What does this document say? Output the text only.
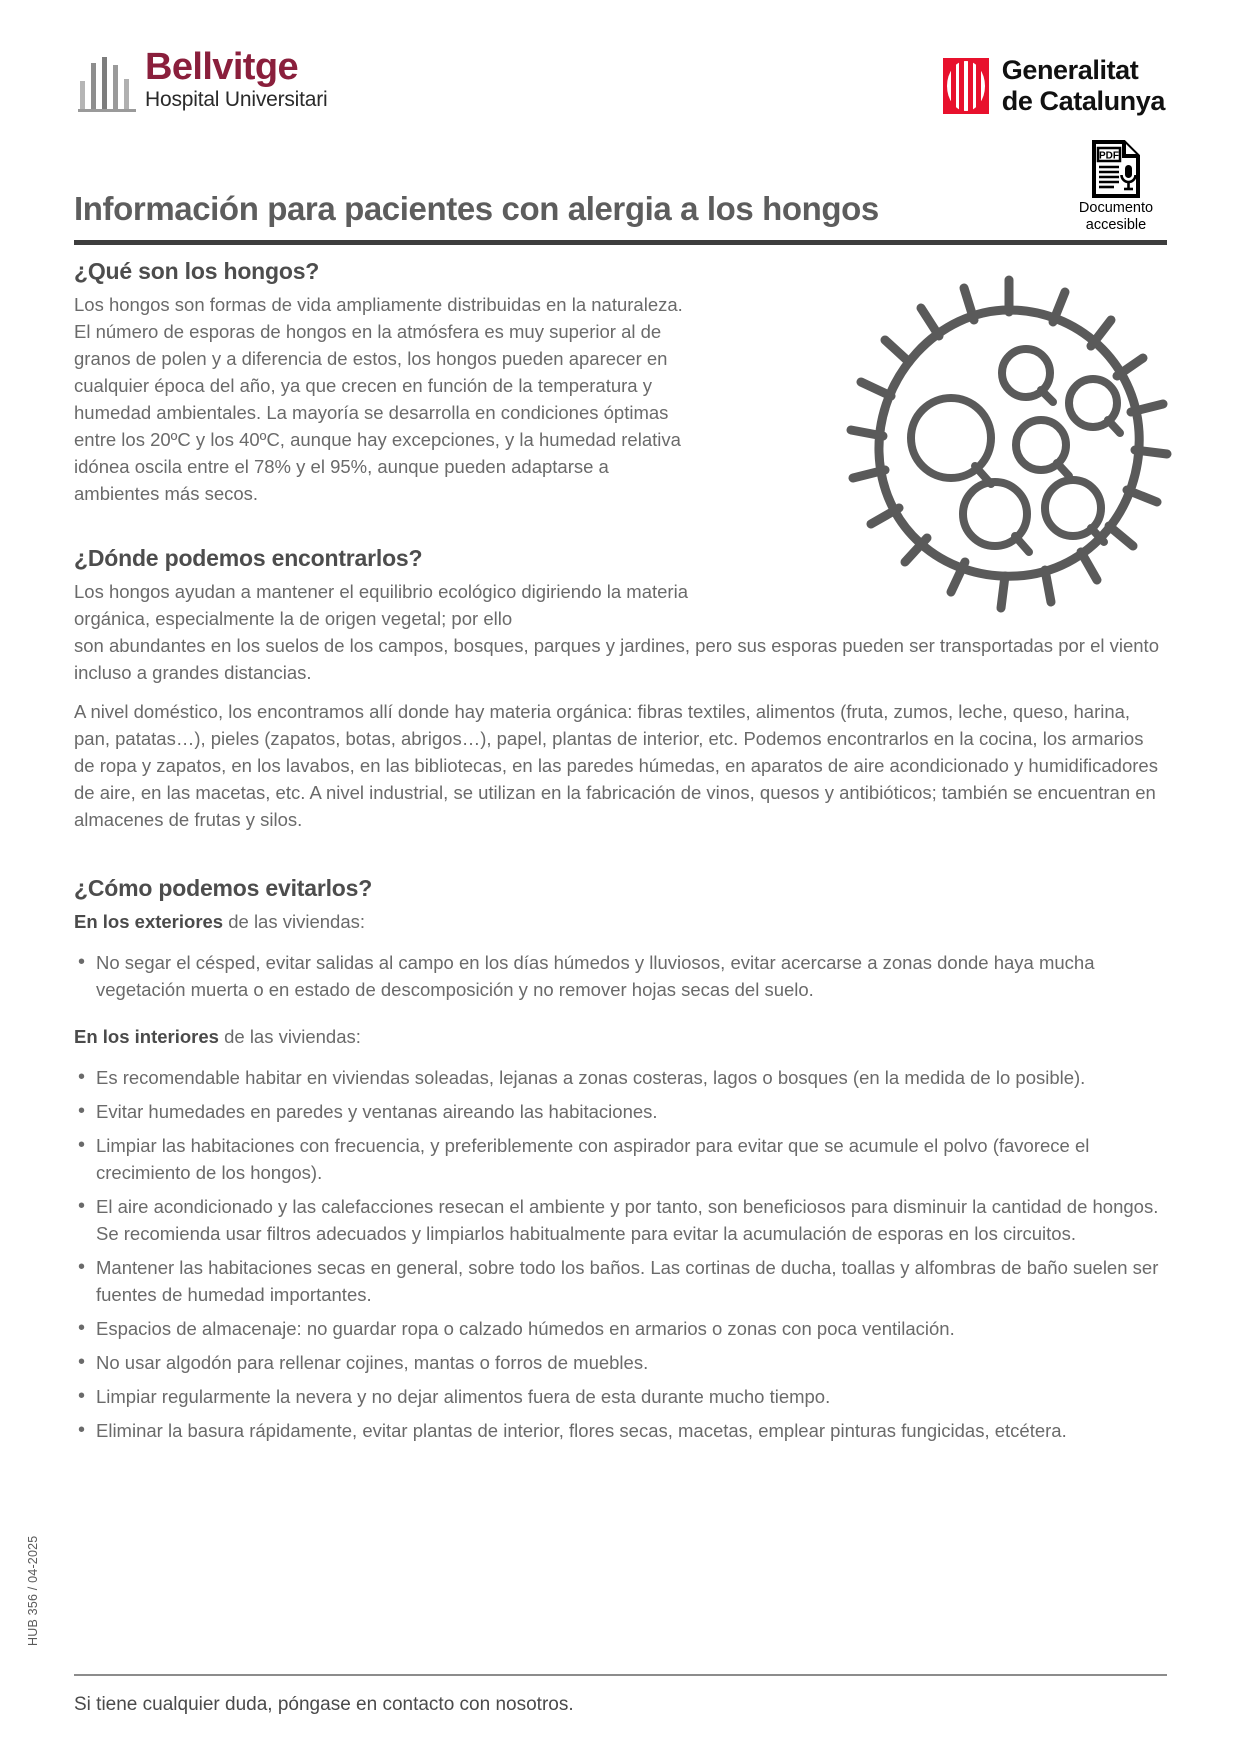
Bellvitge
Hospital Universitari
Generalitat
de Catalunya
PDF
Documento
accesible
Información para pacientes con alergia a los hongos
¿Qué son los hongos?

Los hongos son formas de vida ampliamente distribuidas en la naturaleza. El número de esporas de hongos en la atmósfera es muy superior al de granos de polen y a diferencia de estos, los hongos pueden aparecer en cualquier época del año, ya que crecen en función de la temperatura y humedad ambientales. La mayoría se desarrolla en condiciones óptimas entre los 20ºC y los 40ºC, aunque hay excepciones, y la humedad relativa idónea oscila entre el 78% y el 95%, aunque pueden adaptarse a ambientes más secos.

¿Dónde podemos encontrarlos?

Los hongos ayudan a mantener el equilibrio ecológico digiriendo la materia orgánica, especialmente la de origen vegetal; por ello

son abundantes en los suelos de los campos, bosques, parques y jardines, pero sus esporas pueden ser transportadas por el viento incluso a grandes distancias.

A nivel doméstico, los encontramos allí donde hay materia orgánica: fibras textiles, alimentos (fruta, zumos, leche, queso, harina, pan, patatas…), pieles (zapatos, botas, abrigos…), papel, plantas de interior, etc. Podemos encontrarlos en la cocina, los armarios de ropa y zapatos, en los lavabos, en las bibliotecas, en las paredes húmedas, en aparatos de aire acondicionado y humidificadores de aire, en las macetas, etc. A nivel industrial, se utilizan en la fabricación de vinos, quesos y antibióticos; también se encuentran en almacenes de frutas y silos.

¿Cómo podemos evitarlos?

En los exteriores de las viviendas:

• No segar el césped, evitar salidas al campo en los días húmedos y lluviosos, evitar acercarse a zonas donde haya mucha vegetación muerta o en estado de descomposición y no remover hojas secas del suelo.

En los interiores de las viviendas:

• Es recomendable habitar en viviendas soleadas, lejanas a zonas costeras, lagos o bosques (en la medida de lo posible).
• Evitar humedades en paredes y ventanas aireando las habitaciones.
• Limpiar las habitaciones con frecuencia, y preferiblemente con aspirador para evitar que se acumule el polvo (favorece el crecimiento de los hongos).
• El aire acondicionado y las calefacciones resecan el ambiente y por tanto, son beneficiosos para disminuir la cantidad de hongos. Se recomienda usar filtros adecuados y limpiarlos habitualmente para evitar la acumulación de esporas en los circuitos.
• Mantener las habitaciones secas en general, sobre todo los baños. Las cortinas de ducha, toallas y alfombras de baño suelen ser fuentes de humedad importantes.
• Espacios de almacenaje: no guardar ropa o calzado húmedos en armarios o zonas con poca ventilación.
• No usar algodón para rellenar cojines, mantas o forros de muebles.
• Limpiar regularmente la nevera y no dejar alimentos fuera de esta durante mucho tiempo.
• Eliminar la basura rápidamente, evitar plantas de interior, flores secas, macetas, emplear pinturas fungicidas, etcétera.
HUB 356 / 04-2025
Si tiene cualquier duda, póngase en contacto con nosotros.
